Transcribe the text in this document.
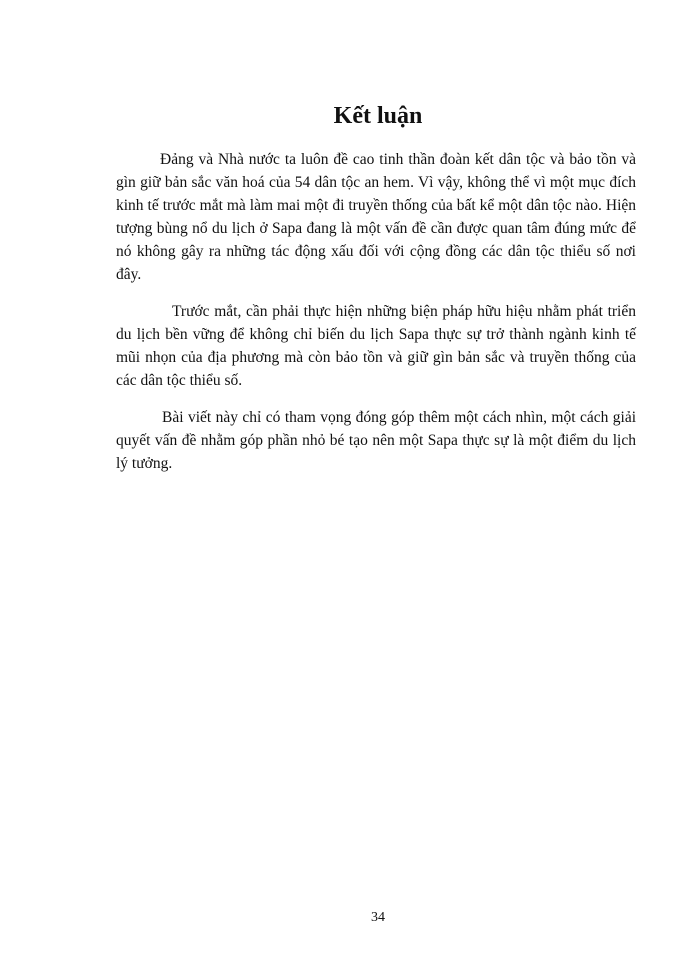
Kết luận

Đảng và Nhà nước ta luôn đề cao tinh thần đoàn kết dân tộc và bảo tồn và gìn giữ bản sắc văn hoá của 54 dân tộc an hem. Vì vậy, không thể vì một mục đích kinh tế trước mắt mà làm mai một đi truyền thống của bất kể một dân tộc nào. Hiện tượng bùng nổ du lịch ở Sapa đang là một vấn đề cần được quan tâm đúng mức để nó không gây ra những tác động xấu đối với cộng đồng các dân tộc thiểu số nơi đây.

Trước mắt, cần phải thực hiện những biện pháp hữu hiệu nhằm phát triển du lịch bền vững để không chỉ biến du lịch Sapa thực sự trở thành ngành kinh tế mũi nhọn của địa phương mà còn bảo tồn và giữ gìn bản sắc và truyền thống của các dân tộc thiểu số.

Bài viết này chỉ có tham vọng đóng góp thêm một cách nhìn, một cách giải quyết vấn đề nhằm góp phần nhỏ bé tạo nên một Sapa thực sự là một điểm du lịch lý tưởng.

34
